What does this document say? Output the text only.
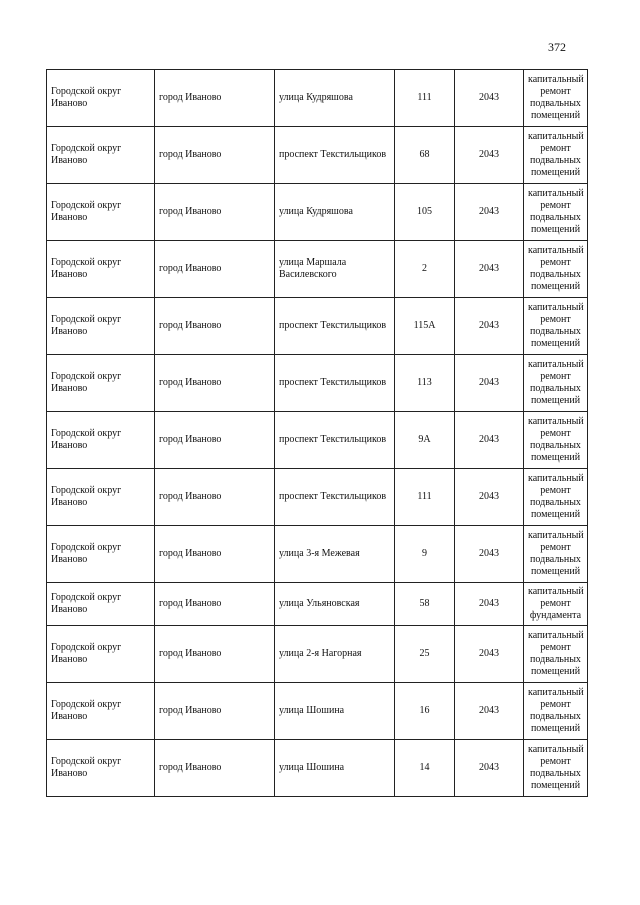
372
Городской округ Иваново	город Иваново	улица Кудряшова	111	2043	капитальный ремонт подвальных помещений
Городской округ Иваново	город Иваново	проспект Текстильщиков	68	2043	капитальный ремонт подвальных помещений
Городской округ Иваново	город Иваново	улица Кудряшова	105	2043	капитальный ремонт подвальных помещений
Городской округ Иваново	город Иваново	улица Маршала Василевского	2	2043	капитальный ремонт подвальных помещений
Городской округ Иваново	город Иваново	проспект Текстильщиков	115А	2043	капитальный ремонт подвальных помещений
Городской округ Иваново	город Иваново	проспект Текстильщиков	113	2043	капитальный ремонт подвальных помещений
Городской округ Иваново	город Иваново	проспект Текстильщиков	9А	2043	капитальный ремонт подвальных помещений
Городской округ Иваново	город Иваново	проспект Текстильщиков	111	2043	капитальный ремонт подвальных помещений
Городской округ Иваново	город Иваново	улица 3-я Межевая	9	2043	капитальный ремонт подвальных помещений
Городской округ Иваново	город Иваново	улица Ульяновская	58	2043	капитальный ремонт фундамента
Городской округ Иваново	город Иваново	улица 2-я Нагорная	25	2043	капитальный ремонт подвальных помещений
Городской округ Иваново	город Иваново	улица Шошина	16	2043	капитальный ремонт подвальных помещений
Городской округ Иваново	город Иваново	улица Шошина	14	2043	капитальный ремонт подвальных помещений
